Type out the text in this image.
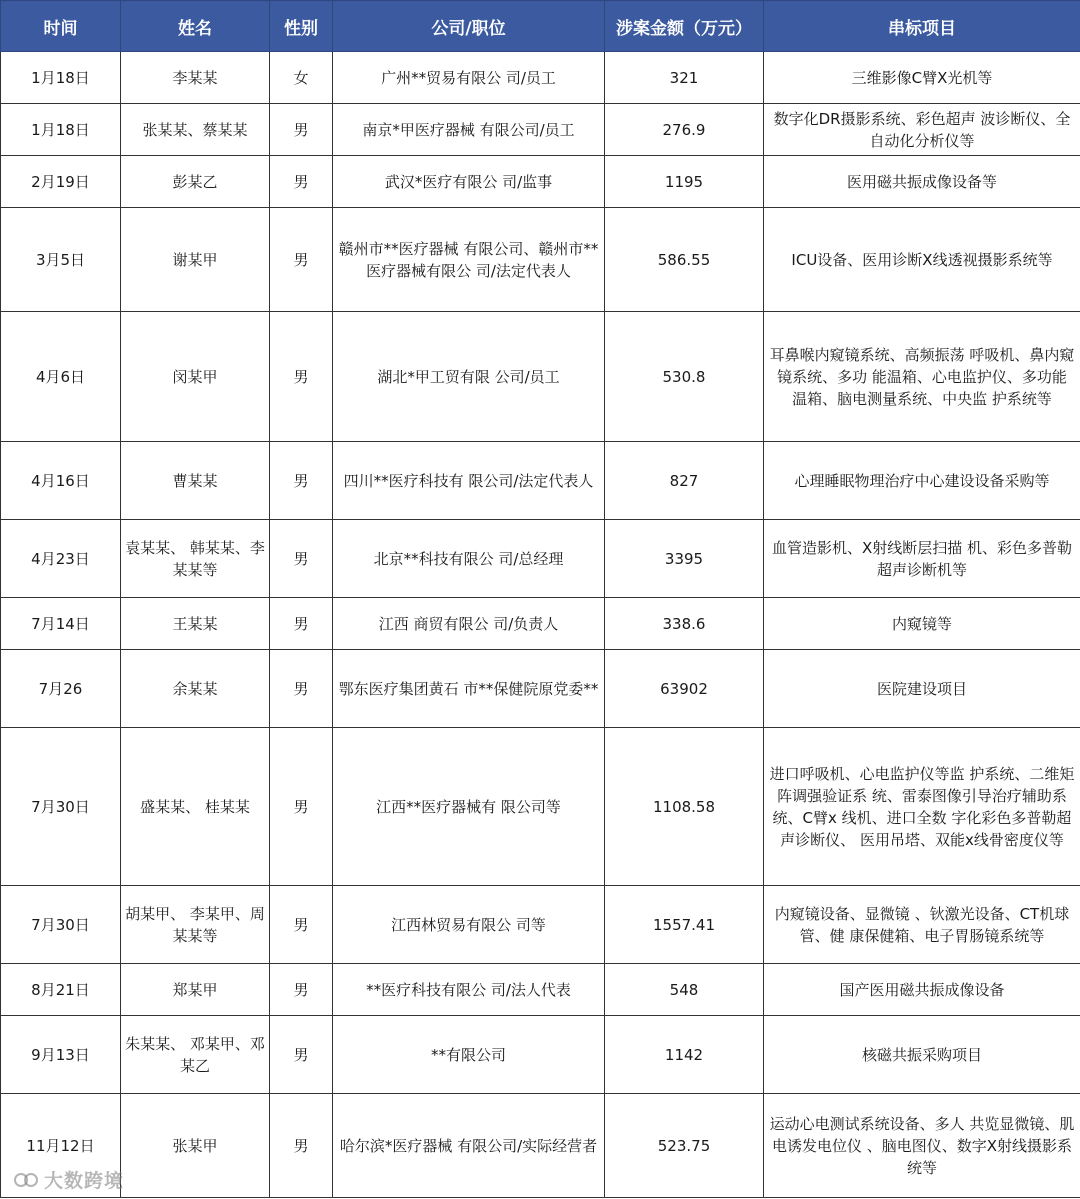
时间	姓名	性别	公司/职位	涉案金额（万元）	串标项目
1月18日	李某某	女	广州**贸易有限公 司/员工	321	三维影像C臂X光机等
1月18日	张某某、蔡某某	男	南京*甲医疗器械 有限公司/员工	276.9	数字化DR摄影系统、彩色超声 波诊断仪、全自动化分析仪等
2月19日	彭某乙	男	武汉*医疗有限公 司/监事	1195	医用磁共振成像设备等
3月5日	谢某甲	男	赣州市**医疗器械 有限公司、赣州市**医疗器械有限公 司/法定代表人	586.55	ICU设备、医用诊断X线透视摄影系统等
4月6日	闵某甲	男	湖北*甲工贸有限 公司/员工	530.8	耳鼻喉内窥镜系统、高频振荡 呼吸机、鼻内窥镜系统、多功 能温箱、心电监护仪、多功能 温箱、脑电测量系统、中央监 护系统等
4月16日	曹某某	男	四川**医疗科技有 限公司/法定代表人	827	心理睡眠物理治疗中心建设设备采购等
4月23日	袁某某、 韩某某、李某某等	男	北京**科技有限公 司/总经理	3395	血管造影机、X射线断层扫描 机、彩色多普勒超声诊断机等
7月14日	王某某	男	江西 商贸有限公 司/负责人	338.6	内窥镜等
7月26	余某某	男	鄂东医疗集团黄石 市**保健院原党委**	63902	医院建设项目
7月30日	盛某某、 桂某某	男	江西**医疗器械有 限公司等	1108.58	进口呼吸机、心电监护仪等监 护系统、二维矩阵调强验证系 统、雷泰图像引导治疗辅助系 统、C臂x 线机、进口全数 字化彩色多普勒超声诊断仪、 医用吊塔、双能x线骨密度仪等
7月30日	胡某甲、 李某甲、周某某等	男	江西林贸易有限公 司等	1557.41	内窥镜设备、显微镜 、钬激光设备、CT机球管、健 康保健箱、电子胃肠镜系统等
8月21日	郑某甲	男	**医疗科技有限公 司/法人代表	548	国产医用磁共振成像设备
9月13日	朱某某、 邓某甲、邓某乙	男	**有限公司	1142	核磁共振采购项目
11月12日	张某甲	男	哈尔滨*医疗器械 有限公司/实际经营者	523.75	运动心电测试系统设备、多人 共览显微镜、肌电诱发电位仪 、脑电图仪、数字X射线摄影系统等
大数跨境
